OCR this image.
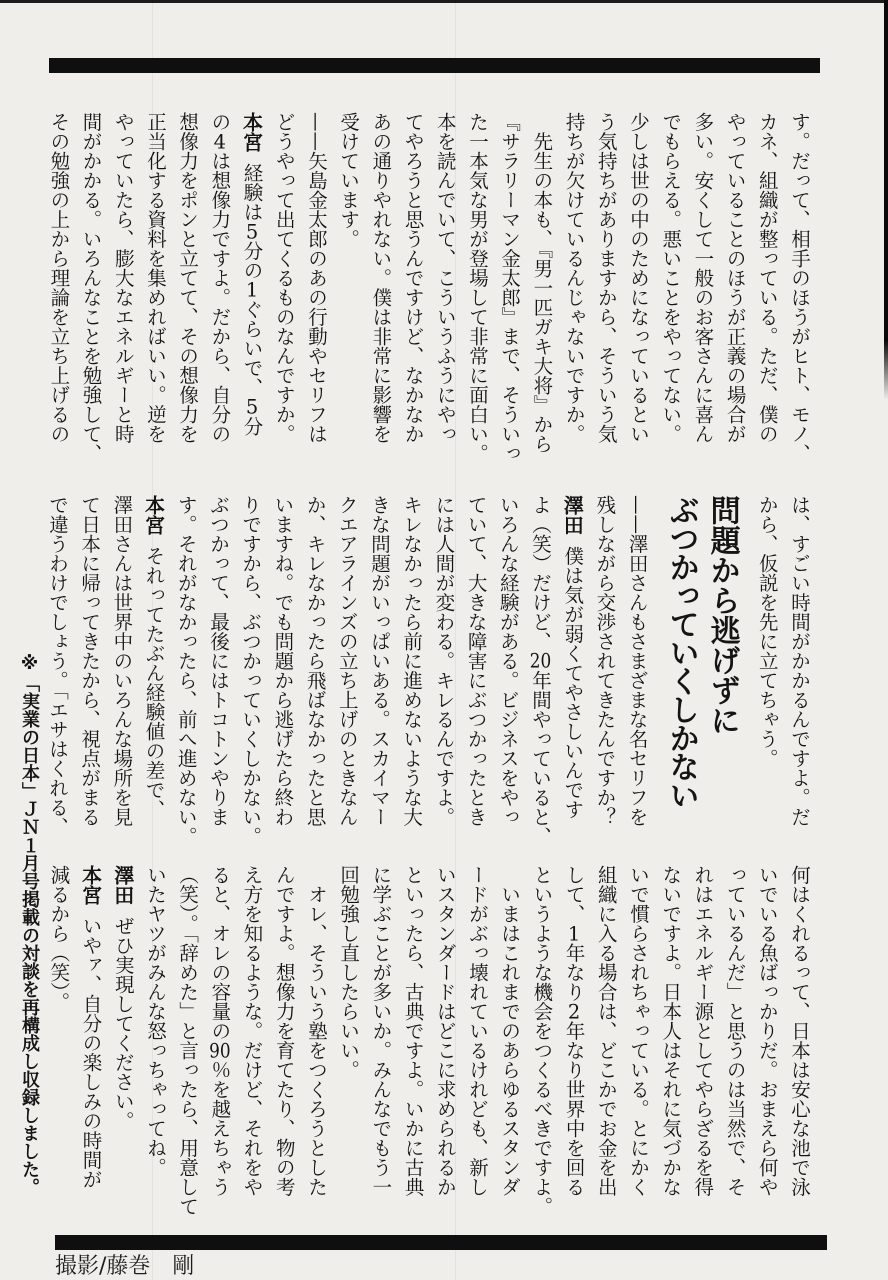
す。だって、相手のほうがヒト、モノ、
カネ、組織が整っている。ただ、僕の
やっていることのほうが正義の場合が
多い。安くして一般のお客さんに喜ん
でもらえる。悪いことをやってない。
少しは世の中のためになっているとい
う気持ちがありますから、そういう気
持ちが欠けているんじゃないですか。
　先生の本も、『男一匹ガキ大将』から
『サラリーマン金太郎』まで、そういっ
た一本気な男が登場して非常に面白い。
本を読んでいて、こういうふうにやっ
てやろうと思うんですけど、なかなか
あの通りやれない。僕は非常に影響を
受けています。
——矢島金太郎のあの行動やセリフは
どうやって出てくるものなんですか。
本宮経験は5分の1ぐらいで、5分
の4は想像力ですよ。だから、自分の
想像力をポンと立てて、その想像力を
正当化する資料を集めればいい。逆を
やっていたら、膨大なエネルギーと時
間がかかる。いろんなことを勉強して、
その勉強の上から理論を立ち上げるの
は、すごい時間がかかるんですよ。だ
から、仮説を先に立てちゃう。
問題から逃げずに
ぶつかっていくしかない
——澤田さんもさまざまな名セリフを
残しながら交渉されてきたんですか？
澤田僕は気が弱くてやさしいんです
よ（笑）だけど、20年間やっていると、
いろんな経験がある。ビジネスをやっ
ていて、大きな障害にぶつかったとき
には人間が変わる。キレるんですよ。
キレなかったら前に進めないような大
きな問題がいっぱいある。スカイマー
クエアラインズの立ち上げのときなん
か、キレなかったら飛ばなかったと思
いますね。でも問題から逃げたら終わ
りですから、ぶつかっていくしかない。
ぶつかって、最後にはトコトンやりま
す。それがなかったら、前へ進めない。
本宮それってたぶん経験値の差で、
澤田さんは世界中のいろんな場所を見
て日本に帰ってきたから、視点がまる
で違うわけでしょう。「エサはくれる、
何はくれるって、日本は安心な池で泳
いでいる魚ばっかりだ。おまえら何や
っているんだ」と思うのは当然で、そ
れはエネルギー源としてやらざるを得
ないですよ。日本人はそれに気づかな
いで慣らされちゃっている。とにかく
組織に入る場合は、どこかでお金を出
して、1年なり2年なり世界中を回る
というような機会をつくるべきですよ。
　いまはこれまでのあらゆるスタンダ
ードがぶっ壊れているけれども、新し
いスタンダードはどこに求められるか
といったら、古典ですよ。いかに古典
に学ぶことが多いか。みんなでもう一
回勉強し直したらいい。
　オレ、そういう塾をつくろうとした
んですよ。想像力を育てたり、物の考
え方を知るような。だけど、それをや
ると、オレの容量の90％を越えちゃう
（笑）。「辞めた」と言ったら、用意して
いたヤツがみんな怒っちゃってね。
澤田ぜひ実現してください。
本宮いやァ、自分の楽しみの時間が
減るから（笑）。
※「実業の日本」ＪＮ１月号掲載の対談を再構成し収録しました。
撮影/藤巻　剛
